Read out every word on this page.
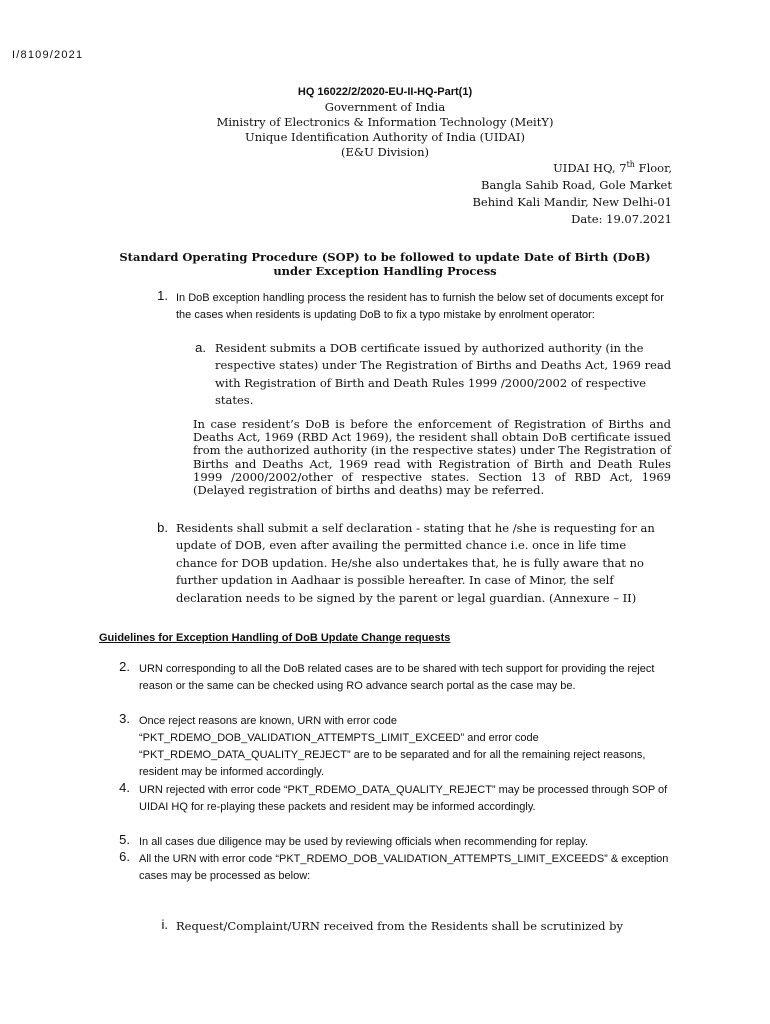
I/8109/2021
HQ 16022/2/2020-EU-II-HQ-Part(1)
Government of India
Ministry of Electronics & Information Technology (MeitY)
Unique Identification Authority of India (UIDAI)
(E&U Division)
UIDAI HQ, 7th Floor,
Bangla Sahib Road, Gole Market
Behind Kali Mandir, New Delhi-01
Date: 19.07.2021
Standard Operating Procedure (SOP) to be followed to update Date of Birth (DoB) under Exception Handling Process
1. In DoB exception handling process the resident has to furnish the below set of documents except for the cases when residents is updating DoB to fix a typo mistake by enrolment operator:
a. Resident submits a DOB certificate issued by authorized authority (in the respective states) under The Registration of Births and Deaths Act, 1969 read with Registration of Birth and Death Rules 1999 /2000/2002 of respective states.
In case resident’s DoB is before the enforcement of Registration of Births and Deaths Act, 1969 (RBD Act 1969), the resident shall obtain DoB certificate issued from the authorized authority (in the respective states) under The Registration of Births and Deaths Act, 1969 read with Registration of Birth and Death Rules 1999 /2000/2002/other of respective states. Section 13 of RBD Act, 1969 (Delayed registration of births and deaths) may be referred.
b. Residents shall submit a self declaration - stating that he /she is requesting for an update of DOB, even after availing the permitted chance i.e. once in life time chance for DOB updation. He/she also undertakes that, he is fully aware that no further updation in Aadhaar is possible hereafter. In case of Minor, the self declaration needs to be signed by the parent or legal guardian. (Annexure – II)
Guidelines for Exception Handling of DoB Update Change requests
2. URN corresponding to all the DoB related cases are to be shared with tech support for providing the reject reason or the same can be checked using RO advance search portal as the case may be.
3. Once reject reasons are known, URN with error code “PKT_RDEMO_DOB_VALIDATION_ATTEMPTS_LIMIT_EXCEED” and error code “PKT_RDEMO_DATA_QUALITY_REJECT” are to be separated and for all the remaining reject reasons, resident may be informed accordingly.
4. URN rejected with error code “PKT_RDEMO_DATA_QUALITY_REJECT” may be processed through SOP of UIDAI HQ for re-playing these packets and resident may be informed accordingly.
5. In all cases due diligence may be used by reviewing officials when recommending for replay.
6. All the URN with error code “PKT_RDEMO_DOB_VALIDATION_ATTEMPTS_LIMIT_EXCEEDS” & exception cases may be processed as below:
i. Request/Complaint/URN received from the Residents shall be scrutinized by
